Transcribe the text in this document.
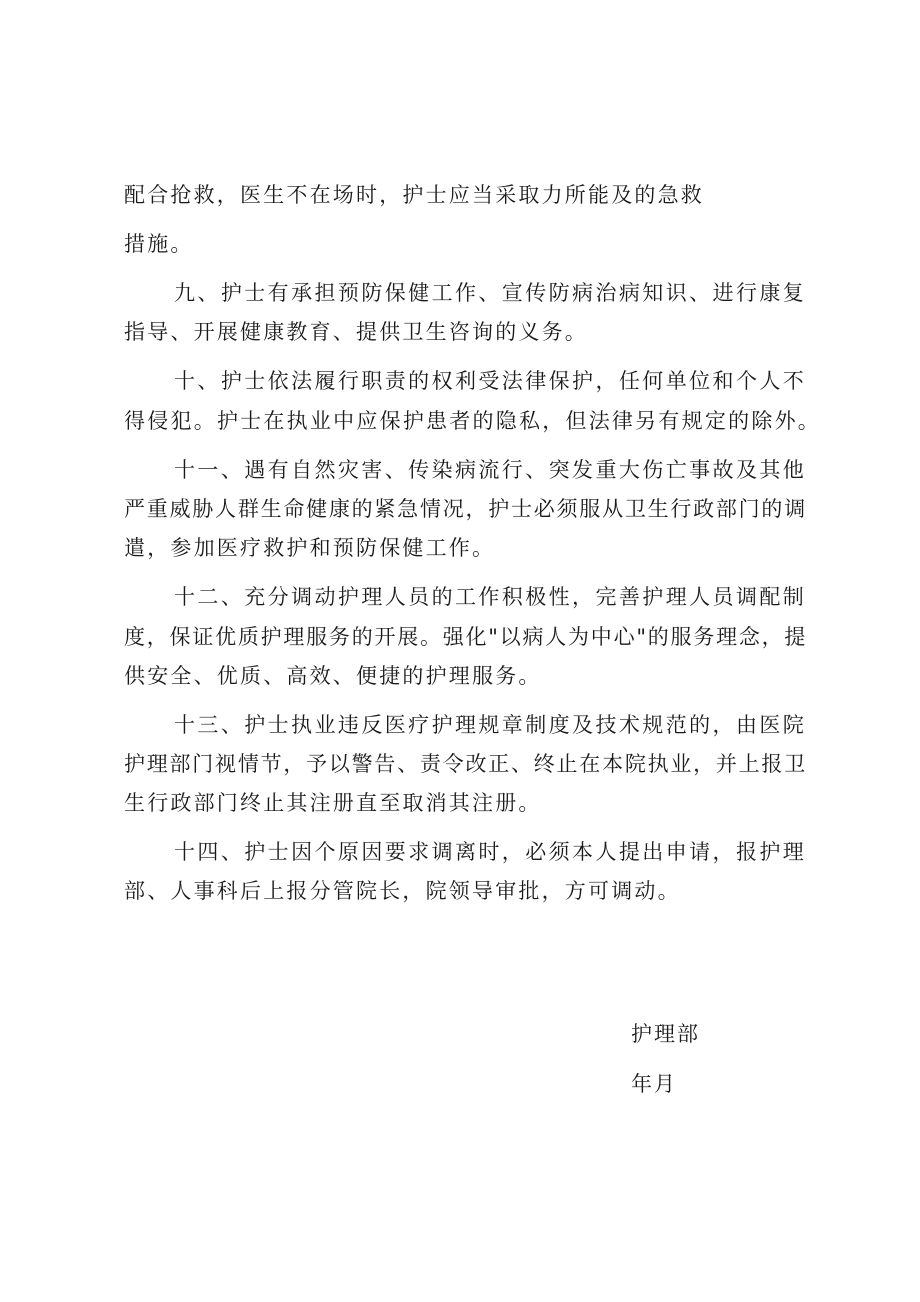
配合抢救，医生不在场时，护士应当采取力所能及的急救
措施。
九、护士有承担预防保健工作、宣传防病治病知识、进行康复
指导、开展健康教育、提供卫生咨询的义务。
十、护士依法履行职责的权利受法律保护，任何单位和个人不
得侵犯。护士在执业中应保护患者的隐私，但法律另有规定的除外。
十一、遇有自然灾害、传染病流行、突发重大伤亡事故及其他
严重威胁人群生命健康的紧急情况，护士必须服从卫生行政部门的调
遣，参加医疗救护和预防保健工作。
十二、充分调动护理人员的工作积极性，完善护理人员调配制
度，保证优质护理服务的开展。强化"以病人为中心"的服务理念，提
供安全、优质、高效、便捷的护理服务。
十三、护士执业违反医疗护理规章制度及技术规范的，由医院
护理部门视情节，予以警告、责令改正、终止在本院执业，并上报卫
生行政部门终止其注册直至取消其注册。
十四、护士因个原因要求调离时，必须本人提出申请，报护理
部、人事科后上报分管院长，院领导审批，方可调动。
护理部
年月
